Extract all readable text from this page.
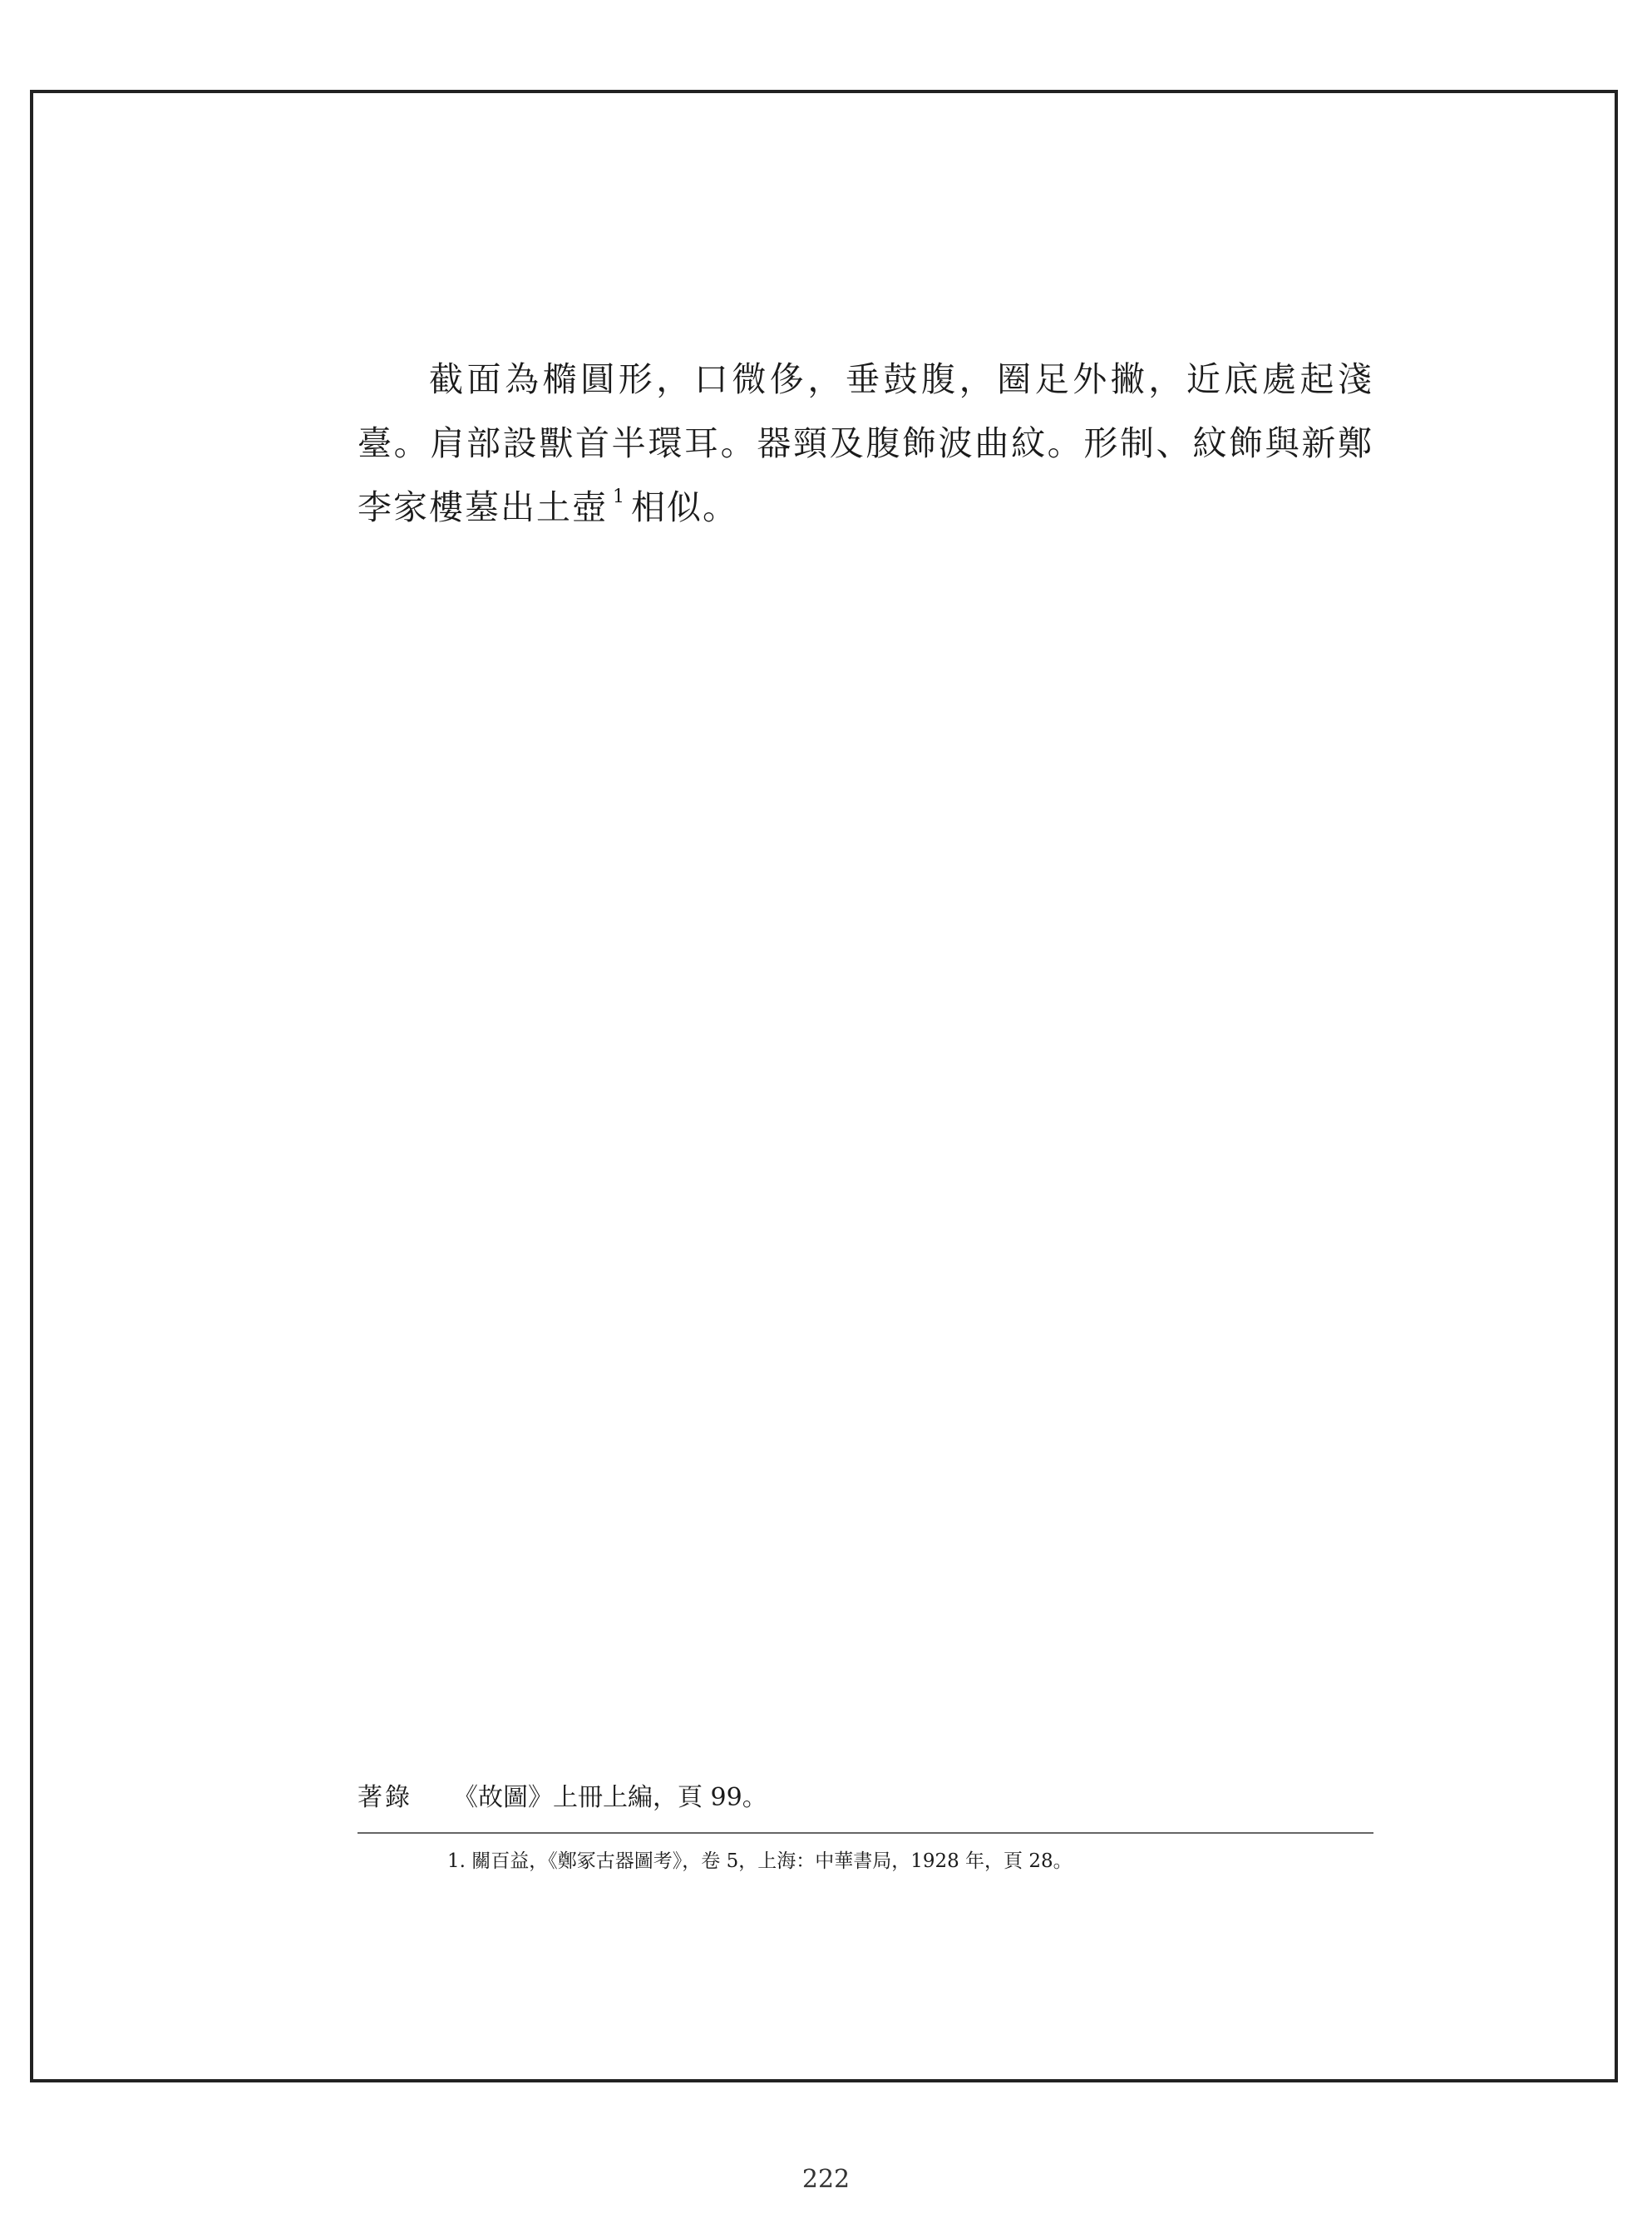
截面為橢圓形，口微侈，垂鼓腹，圈足外撇，近底處起淺臺。肩部設獸首半環耳。器頸及腹飾波曲紋。形制、紋飾與新鄭李家樓墓出土壺 $^1$ 相似。

著錄 《故圖》上冊上編，頁 99。
1. 關百益，《鄭冢古器圖考》，卷 5，上海：中華書局，1928 年，頁 28。
222
